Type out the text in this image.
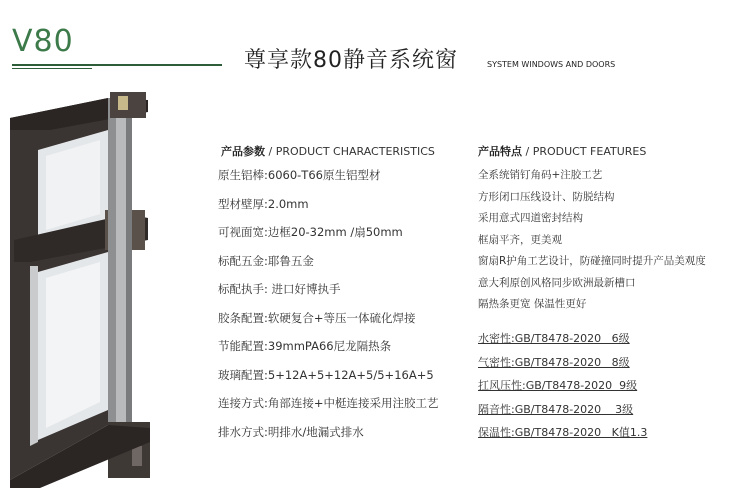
V80
尊享款80静音系统窗	SYSTEM WINDOWS AND DOORS
产品参数 / PRODUCT CHARACTERISTICS
原生铝棒:6060-T66原生铝型材
型材壁厚:2.0mm
可视面宽:边框20-32mm /扇50mm
标配五金:耶鲁五金
标配执手: 进口好博执手
胶条配置:软硬复合+等压一体硫化焊接
节能配置:39mmPA66尼龙隔热条
玻璃配置:5+12A+5+12A+5/5+16A+5
连接方式:角部连接+中梃连接采用注胶工艺
排水方式:明排水/地漏式排水
产品特点 / PRODUCT FEATURES
全系统销钉角码+注胶工艺
方形闭口压线设计、防脱结构
采用意式四道密封结构
框扇平齐，更美观
窗扇R护角工艺设计，防碰撞同时提升产品美观度
意大利原创风格同步欧洲最新槽口
隔热条更宽 保温性更好
水密性:GB/T8478-2020   6级
气密性:GB/T8478-2020   8级
扛风压性:GB/T8478-2020  9级
隔音性:GB/T8478-2020    3级
保温性:GB/T8478-2020   K值1.3
